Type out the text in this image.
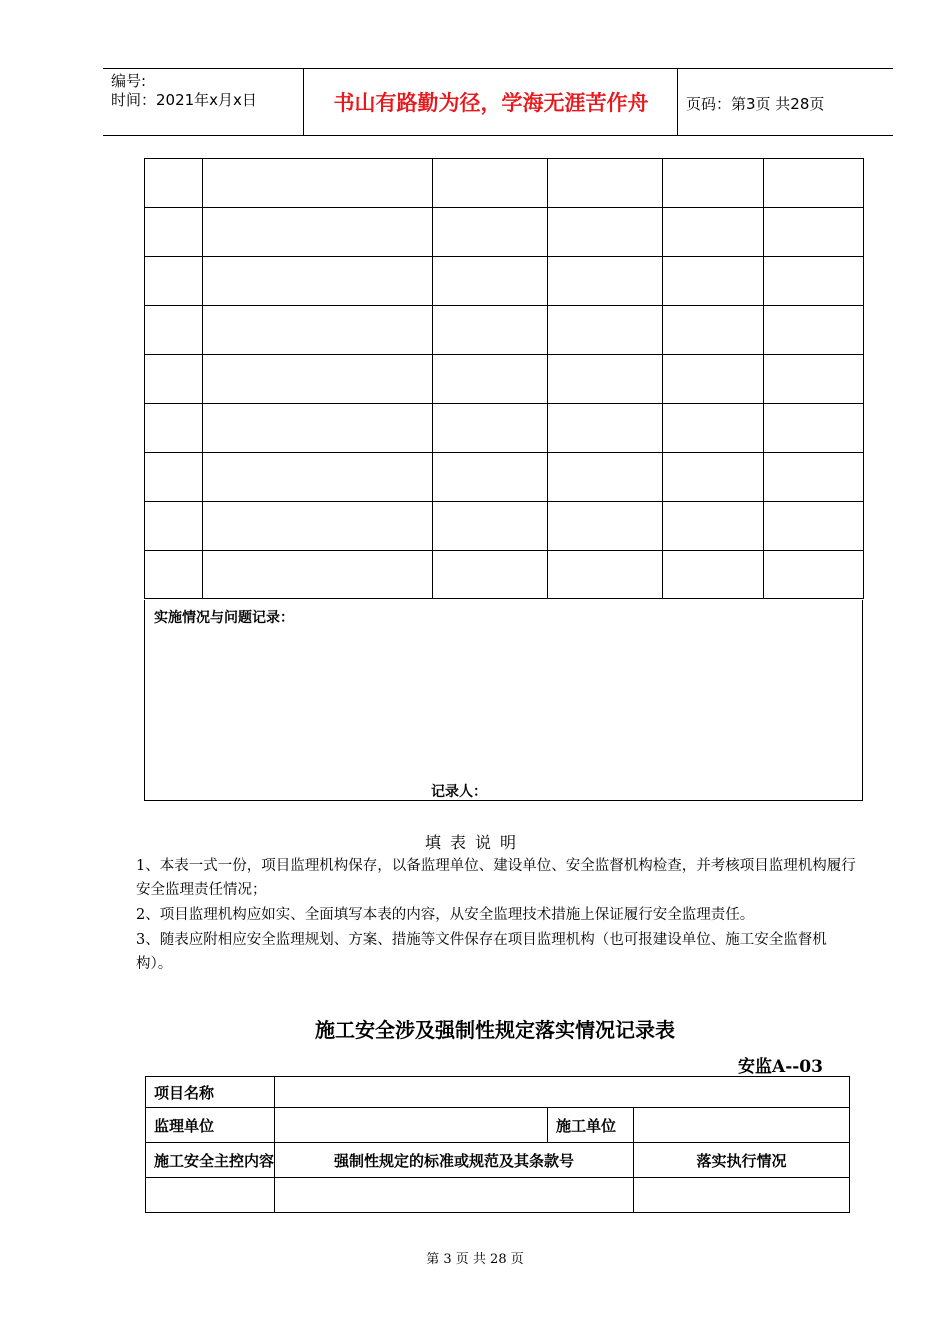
编号:
时间：2021年x月x日	书山有路勤为径，学海无涯苦作舟	页码：第3页 共28页

实施情况与问题记录：
记录人：
填表说明
1、本表一式一份，项目监理机构保存，以备监理单位、建设单位、安全监督机构检查，并考核项目监理机构履行安全监理责任情况；
2、项目监理机构应如实、全面填写本表的内容，从安全监理技术措施上保证履行安全监理责任。
3、随表应附相应安全监理规划、方案、措施等文件保存在项目监理机构（也可报建设单位、施工安全监督机构）。
施工安全涉及强制性规定落实情况记录表
安监A--03
项目名称			
监理单位		施工单位	
施工安全主控内容	强制性规定的标准或规范及其条款号		落实执行情况

第 3 页 共 28 页
